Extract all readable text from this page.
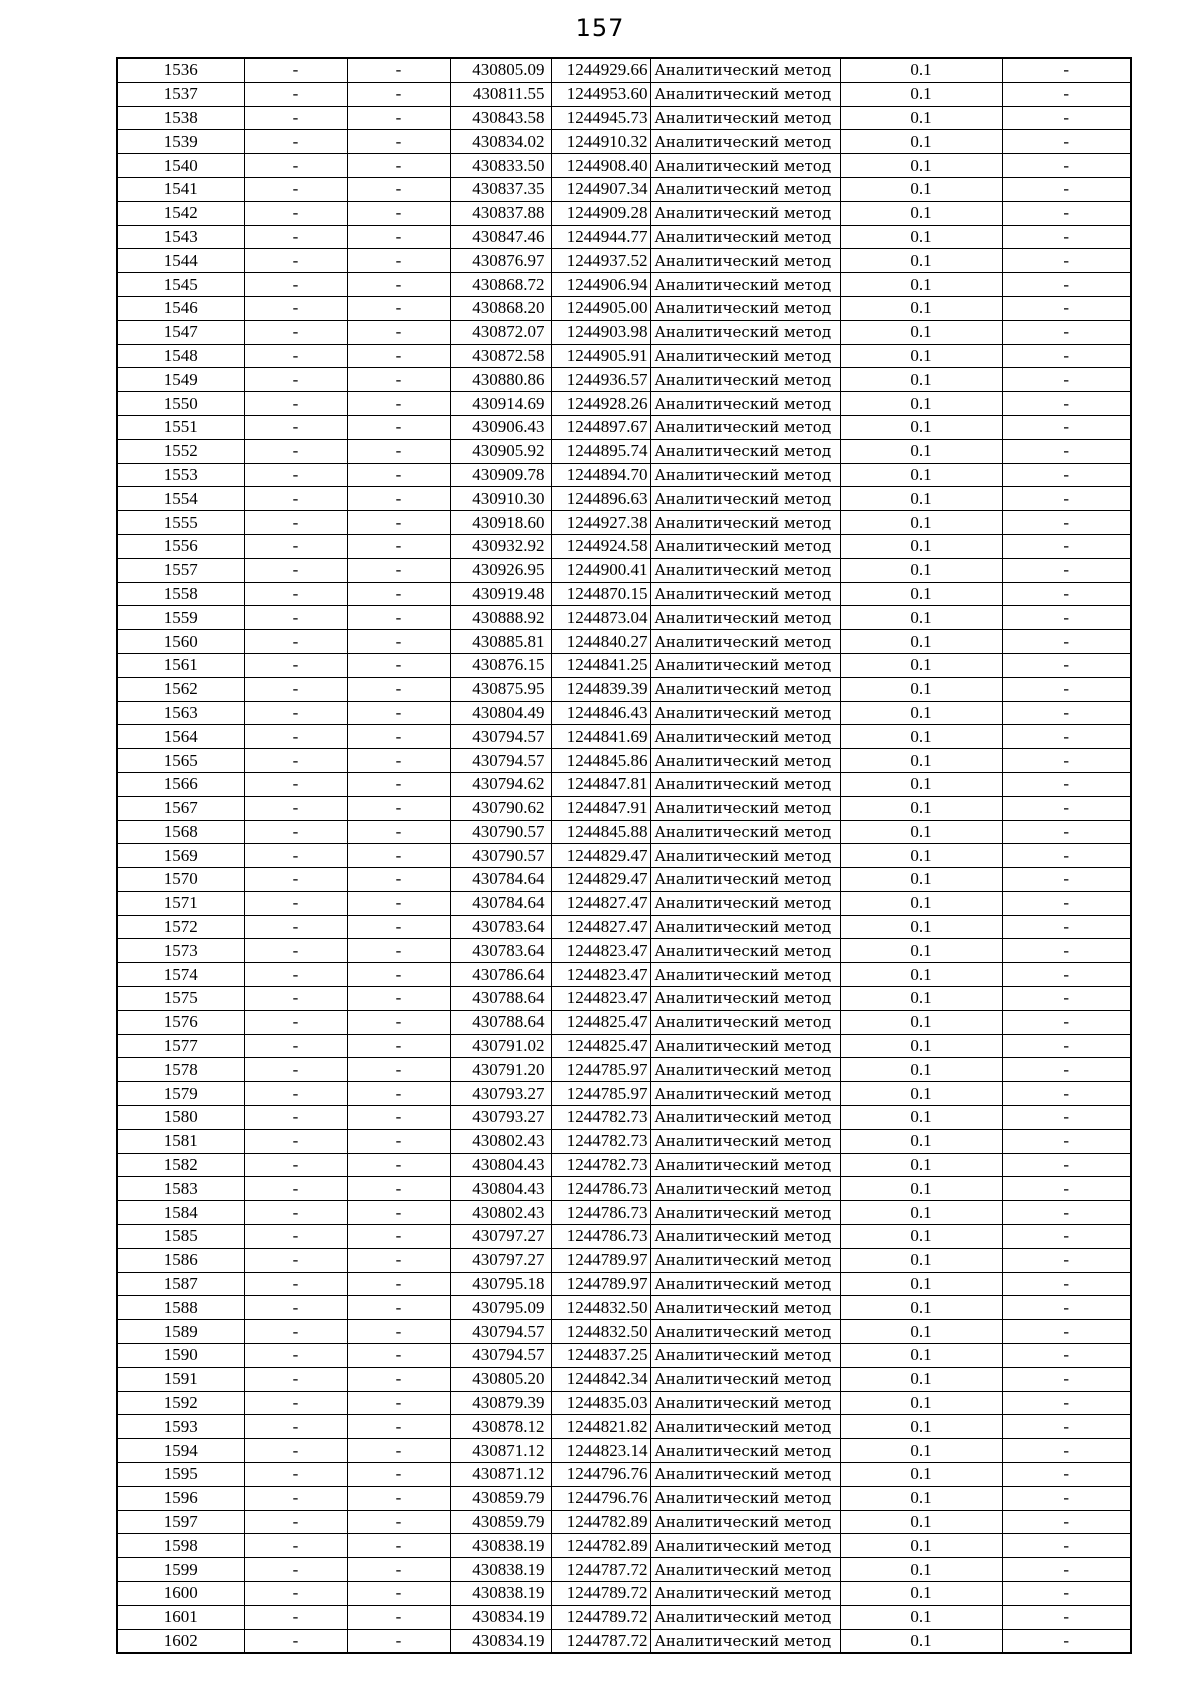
157
1536	-	-	430805.09	1244929.66	Аналитический метод	0.1	-
1537	-	-	430811.55	1244953.60	Аналитический метод	0.1	-
1538	-	-	430843.58	1244945.73	Аналитический метод	0.1	-
1539	-	-	430834.02	1244910.32	Аналитический метод	0.1	-
1540	-	-	430833.50	1244908.40	Аналитический метод	0.1	-
1541	-	-	430837.35	1244907.34	Аналитический метод	0.1	-
1542	-	-	430837.88	1244909.28	Аналитический метод	0.1	-
1543	-	-	430847.46	1244944.77	Аналитический метод	0.1	-
1544	-	-	430876.97	1244937.52	Аналитический метод	0.1	-
1545	-	-	430868.72	1244906.94	Аналитический метод	0.1	-
1546	-	-	430868.20	1244905.00	Аналитический метод	0.1	-
1547	-	-	430872.07	1244903.98	Аналитический метод	0.1	-
1548	-	-	430872.58	1244905.91	Аналитический метод	0.1	-
1549	-	-	430880.86	1244936.57	Аналитический метод	0.1	-
1550	-	-	430914.69	1244928.26	Аналитический метод	0.1	-
1551	-	-	430906.43	1244897.67	Аналитический метод	0.1	-
1552	-	-	430905.92	1244895.74	Аналитический метод	0.1	-
1553	-	-	430909.78	1244894.70	Аналитический метод	0.1	-
1554	-	-	430910.30	1244896.63	Аналитический метод	0.1	-
1555	-	-	430918.60	1244927.38	Аналитический метод	0.1	-
1556	-	-	430932.92	1244924.58	Аналитический метод	0.1	-
1557	-	-	430926.95	1244900.41	Аналитический метод	0.1	-
1558	-	-	430919.48	1244870.15	Аналитический метод	0.1	-
1559	-	-	430888.92	1244873.04	Аналитический метод	0.1	-
1560	-	-	430885.81	1244840.27	Аналитический метод	0.1	-
1561	-	-	430876.15	1244841.25	Аналитический метод	0.1	-
1562	-	-	430875.95	1244839.39	Аналитический метод	0.1	-
1563	-	-	430804.49	1244846.43	Аналитический метод	0.1	-
1564	-	-	430794.57	1244841.69	Аналитический метод	0.1	-
1565	-	-	430794.57	1244845.86	Аналитический метод	0.1	-
1566	-	-	430794.62	1244847.81	Аналитический метод	0.1	-
1567	-	-	430790.62	1244847.91	Аналитический метод	0.1	-
1568	-	-	430790.57	1244845.88	Аналитический метод	0.1	-
1569	-	-	430790.57	1244829.47	Аналитический метод	0.1	-
1570	-	-	430784.64	1244829.47	Аналитический метод	0.1	-
1571	-	-	430784.64	1244827.47	Аналитический метод	0.1	-
1572	-	-	430783.64	1244827.47	Аналитический метод	0.1	-
1573	-	-	430783.64	1244823.47	Аналитический метод	0.1	-
1574	-	-	430786.64	1244823.47	Аналитический метод	0.1	-
1575	-	-	430788.64	1244823.47	Аналитический метод	0.1	-
1576	-	-	430788.64	1244825.47	Аналитический метод	0.1	-
1577	-	-	430791.02	1244825.47	Аналитический метод	0.1	-
1578	-	-	430791.20	1244785.97	Аналитический метод	0.1	-
1579	-	-	430793.27	1244785.97	Аналитический метод	0.1	-
1580	-	-	430793.27	1244782.73	Аналитический метод	0.1	-
1581	-	-	430802.43	1244782.73	Аналитический метод	0.1	-
1582	-	-	430804.43	1244782.73	Аналитический метод	0.1	-
1583	-	-	430804.43	1244786.73	Аналитический метод	0.1	-
1584	-	-	430802.43	1244786.73	Аналитический метод	0.1	-
1585	-	-	430797.27	1244786.73	Аналитический метод	0.1	-
1586	-	-	430797.27	1244789.97	Аналитический метод	0.1	-
1587	-	-	430795.18	1244789.97	Аналитический метод	0.1	-
1588	-	-	430795.09	1244832.50	Аналитический метод	0.1	-
1589	-	-	430794.57	1244832.50	Аналитический метод	0.1	-
1590	-	-	430794.57	1244837.25	Аналитический метод	0.1	-
1591	-	-	430805.20	1244842.34	Аналитический метод	0.1	-
1592	-	-	430879.39	1244835.03	Аналитический метод	0.1	-
1593	-	-	430878.12	1244821.82	Аналитический метод	0.1	-
1594	-	-	430871.12	1244823.14	Аналитический метод	0.1	-
1595	-	-	430871.12	1244796.76	Аналитический метод	0.1	-
1596	-	-	430859.79	1244796.76	Аналитический метод	0.1	-
1597	-	-	430859.79	1244782.89	Аналитический метод	0.1	-
1598	-	-	430838.19	1244782.89	Аналитический метод	0.1	-
1599	-	-	430838.19	1244787.72	Аналитический метод	0.1	-
1600	-	-	430838.19	1244789.72	Аналитический метод	0.1	-
1601	-	-	430834.19	1244789.72	Аналитический метод	0.1	-
1602	-	-	430834.19	1244787.72	Аналитический метод	0.1	-
